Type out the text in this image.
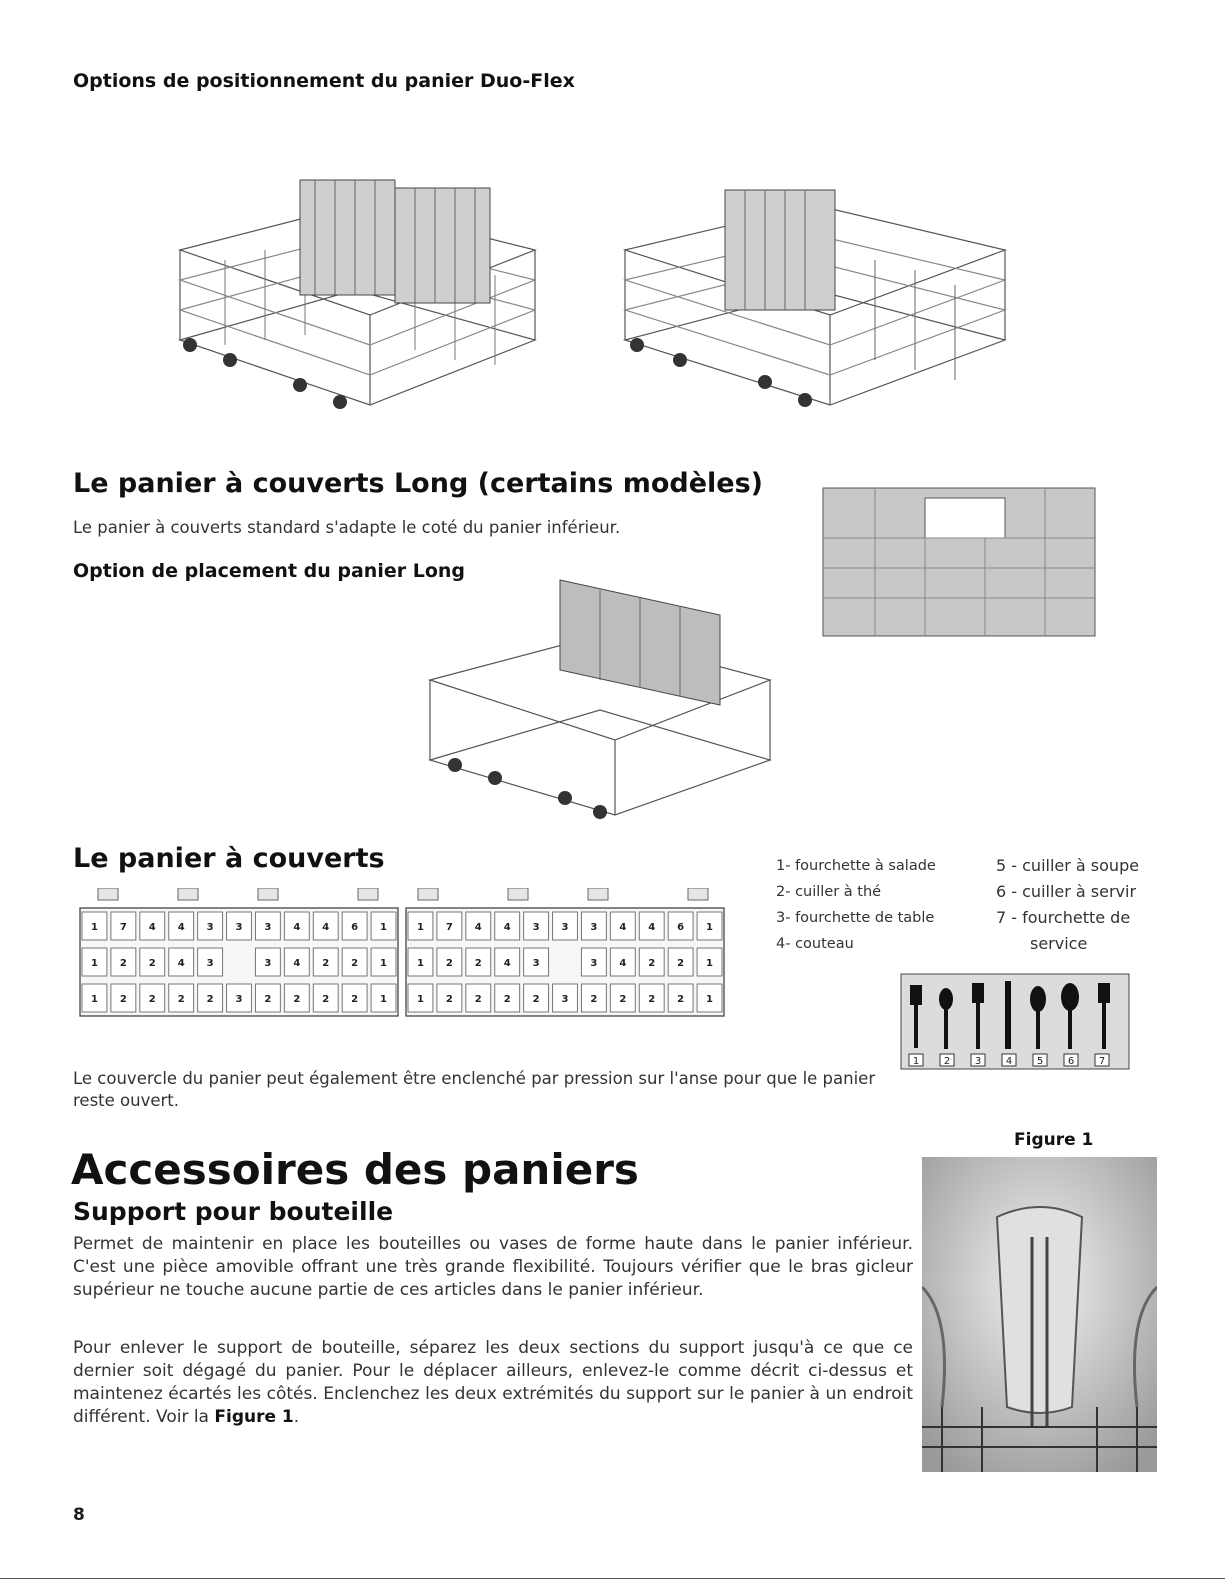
Options de positionnement du panier Duo-Flex
Le panier à couverts Long (certains modèles)
Le panier à couverts standard s'adapte le coté du panier inférieur.
Option de placement du panier Long
Le panier à couverts
1 7 4 4 3 3 3 4 4 6 1	1 7 4 4 3 3 3 4 4 6 1
1 2 2 4 3	3 4 2 2 1	1 2 2 4 3	3 4 2 2 1
1 2 2 2 2 3 2 2 2 2 1	1 2 2 2 2 3 2 2 2 2 1
1- fourchette à salade
2- cuiller à thé
3- fourchette de table
4- couteau
5 - cuiller à soupe
6 - cuiller à servir
7 - fourchette de
service
1 2 3 4 5 6 7
Le couvercle du panier peut également être enclenché par pression sur l'anse pour que le panier reste ouvert.
Accessoires des paniers
Support pour bouteille
Permet de maintenir en place les bouteilles ou vases de forme haute dans le panier inférieur. C'est une pièce amovible offrant une très grande flexibilité. Toujours vérifier que le bras gicleur supérieur ne touche aucune partie de ces articles dans le panier inférieur.
Pour enlever le support de bouteille, séparez les deux sections du support jusqu'à ce que ce dernier soit dégagé du panier. Pour le déplacer ailleurs, enlevez-le comme décrit ci-dessus et maintenez écartés les côtés. Enclenchez les deux extrémités du support sur le panier à un endroit différent. Voir la Figure 1.
Figure 1
8
